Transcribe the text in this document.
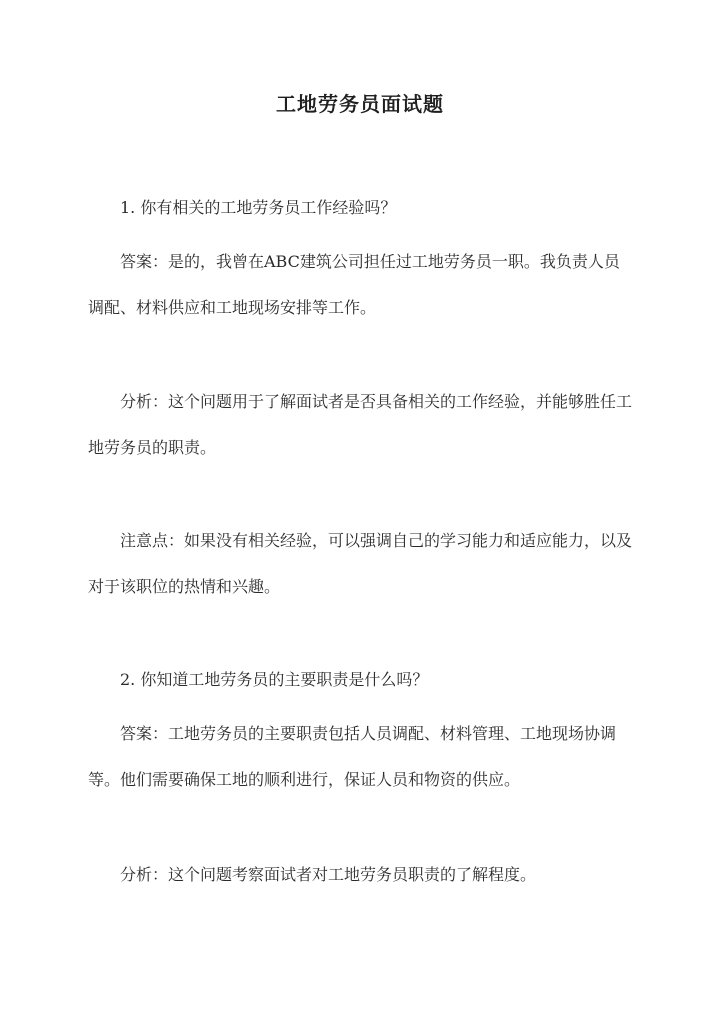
工地劳务员面试题
1. 你有相关的工地劳务员工作经验吗？
答案：是的，我曾在ABC建筑公司担任过工地劳务员一职。我负责人员调配、材料供应和工地现场安排等工作。
分析：这个问题用于了解面试者是否具备相关的工作经验，并能够胜任工地劳务员的职责。
注意点：如果没有相关经验，可以强调自己的学习能力和适应能力，以及对于该职位的热情和兴趣。
2. 你知道工地劳务员的主要职责是什么吗？
答案：工地劳务员的主要职责包括人员调配、材料管理、工地现场协调等。他们需要确保工地的顺利进行，保证人员和物资的供应。
分析：这个问题考察面试者对工地劳务员职责的了解程度。
